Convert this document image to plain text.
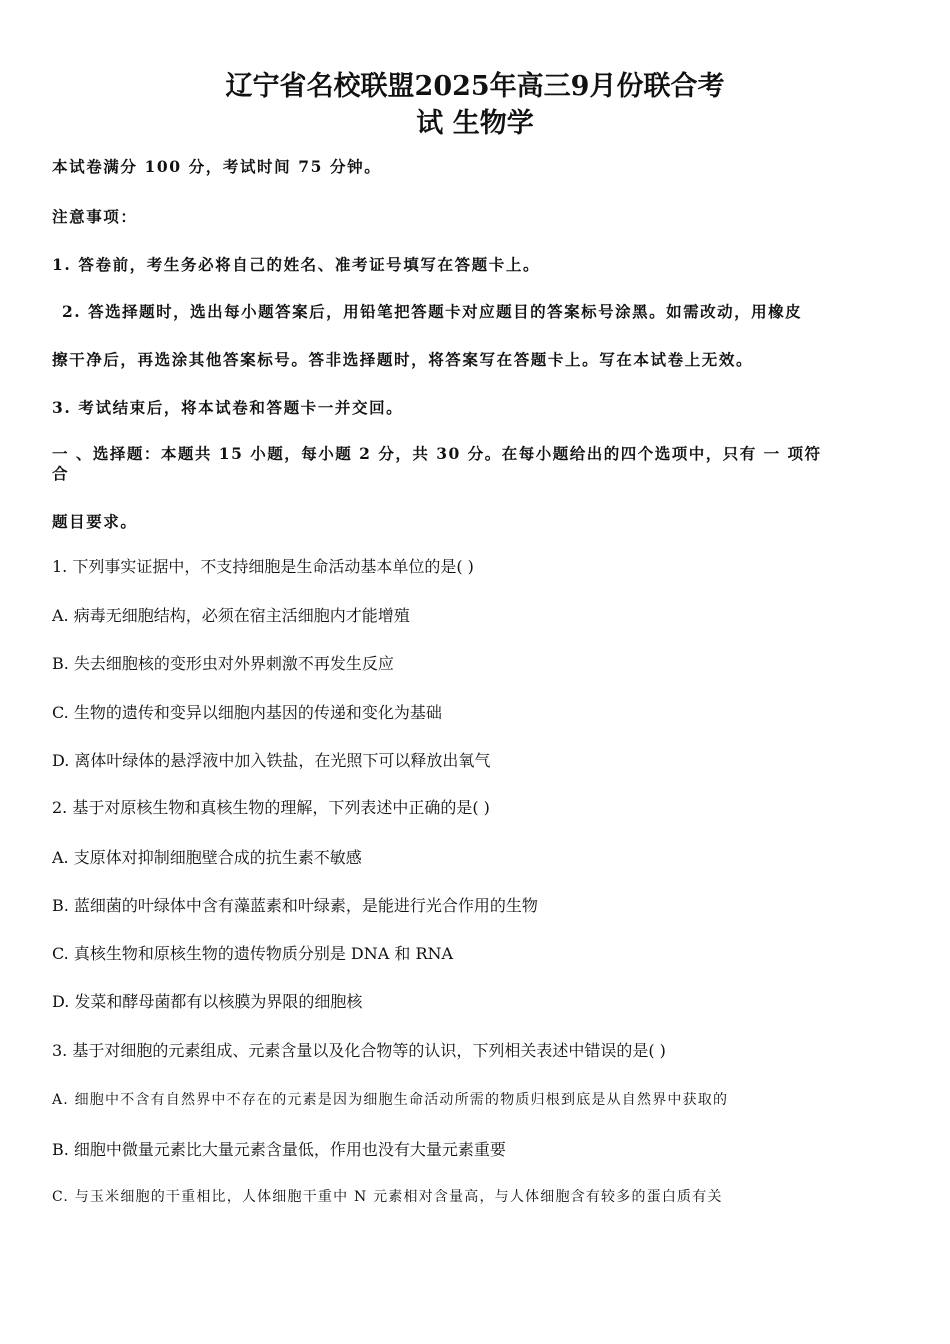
辽宁省名校联盟2025年高三9月份联合考
试 生物学
本试卷满分 100 分，考试时间 75 分钟。
注意事项：
1. 答卷前，考生务必将自己的姓名、准考证号填写在答题卡上。
2. 答选择题时，选出每小题答案后，用铅笔把答题卡对应题目的答案标号涂黑。如需改动，用橡皮
擦干净后，再选涂其他答案标号。答非选择题时，将答案写在答题卡上。写在本试卷上无效。
3. 考试结束后，将本试卷和答题卡一并交回。
一 、选择题：本题共 15 小题，每小题 2 分，共 30 分。在每小题给出的四个选项中，只有 一 项符
合
题目要求。
1. 下列事实证据中，不支持细胞是生命活动基本单位的是( )
A. 病毒无细胞结构，必须在宿主活细胞内才能增殖
B. 失去细胞核的变形虫对外界刺激不再发生反应
C. 生物的遗传和变异以细胞内基因的传递和变化为基础
D. 离体叶绿体的悬浮液中加入铁盐，在光照下可以释放出氧气
2. 基于对原核生物和真核生物的理解，下列表述中正确的是( )
A. 支原体对抑制细胞壁合成的抗生素不敏感
B. 蓝细菌的叶绿体中含有藻蓝素和叶绿素，是能进行光合作用的生物
C. 真核生物和原核生物的遗传物质分别是 DNA 和 RNA
D. 发菜和酵母菌都有以核膜为界限的细胞核
3. 基于对细胞的元素组成、元素含量以及化合物等的认识，下列相关表述中错误的是( )
A. 细胞中不含有自然界中不存在的元素是因为细胞生命活动所需的物质归根到底是从自然界中获取的
B. 细胞中微量元素比大量元素含量低，作用也没有大量元素重要
C. 与玉米细胞的干重相比，人体细胞干重中 N 元素相对含量高，与人体细胞含有较多的蛋白质有关
